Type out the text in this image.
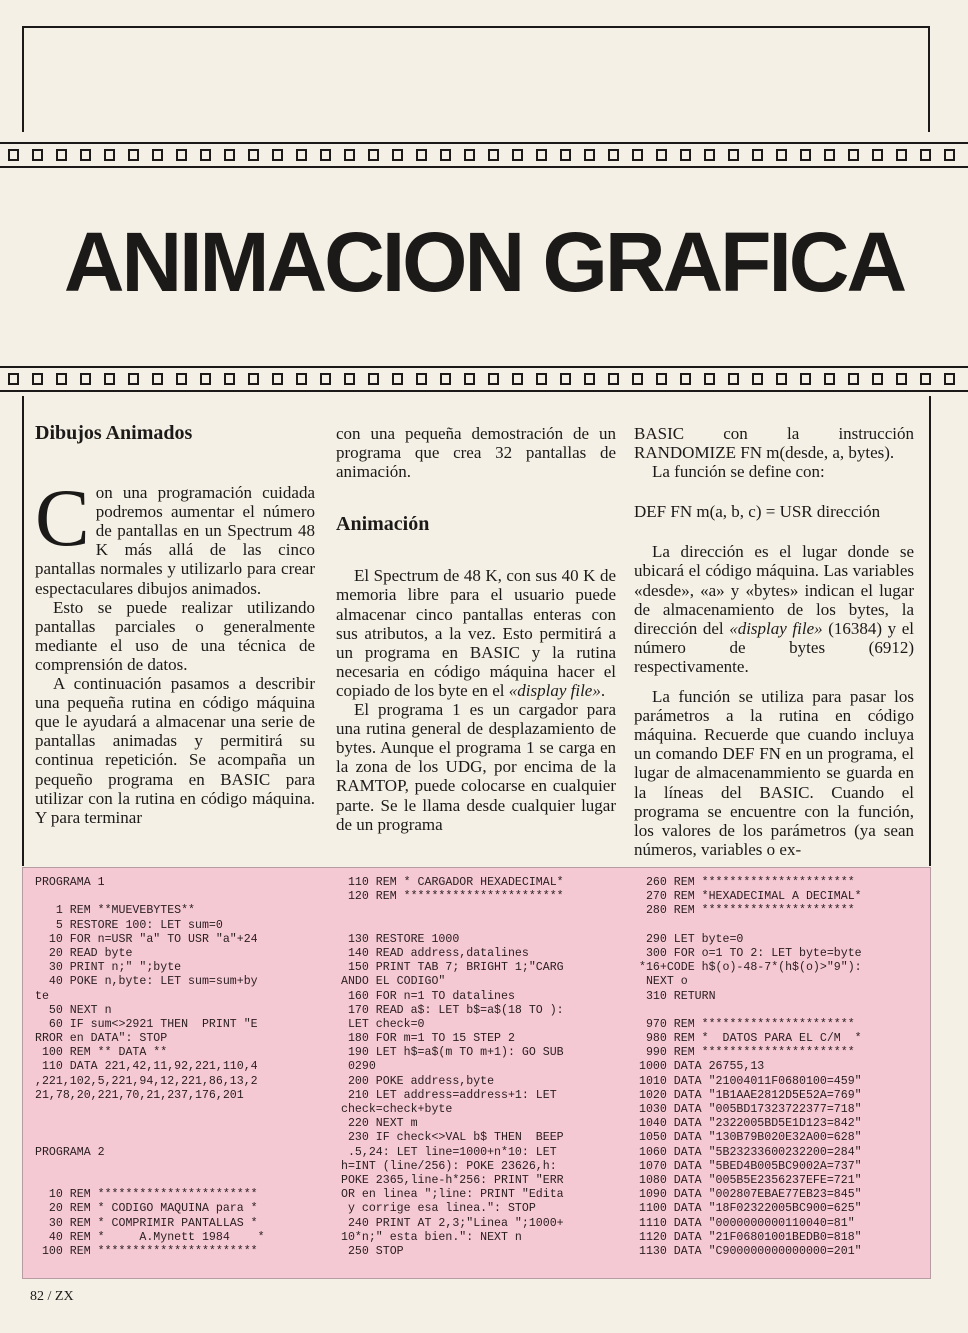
ANIMACION GRAFICA

Dibujos Animados

Con una programación cuidada podremos aumentar el número de pantallas en un Spectrum 48 K más allá de las cinco pantallas normales y utilizarlo para crear espectaculares dibujos animados.

Esto se puede realizar utilizando pantallas parciales o generalmente mediante el uso de una técnica de comprensión de datos.

A continuación pasamos a describir una pequeña rutina en código máquina que le ayudará a almacenar una serie de pantallas animadas y permitirá su continua repetición. Se acompaña un pequeño programa en BASIC para utilizar con la rutina en código máquina. Y para terminar

con una pequeña demostración de un programa que crea 32 pantallas de animación.

Animación

El Spectrum de 48 K, con sus 40 K de memoria libre para el usuario puede almacenar cinco pantallas enteras con sus atributos, a la vez. Esto permitirá a un programa en BASIC y la rutina necesaria en código máquina hacer el copiado de los byte en el «display file».

El programa 1 es un cargador para una rutina general de desplazamiento de bytes. Aunque el programa 1 se carga en la zona de los UDG, por encima de la RAMTOP, puede colocarse en cualquier parte. Se le llama desde cualquier lugar de un programa

BASIC con la instrucción RANDOMIZE FN m(desde, a, bytes).

La función se define con:

DEF FN m(a, b, c) = USR dirección

La dirección es el lugar donde se ubicará el código máquina. Las variables «desde», «a» y «bytes» indican el lugar de almacenamiento de los bytes, la dirección del «display file» (16384) y el número de bytes (6912) respectivamente.

La función se utiliza para pasar los parámetros a la rutina en código máquina. Recuerde que cuando incluya un comando DEF FN en un programa, el lugar de almacenammiento se guarda en la líneas del BASIC. Cuando el programa se encuentre con la función, los valores de los parámetros (ya sean números, variables o ex-

PROGRAMA 1
1 REM **MUEVEBYTES**
5 RESTORE 100: LET sum=0
10 FOR n=USR "a" TO USR "a"+24
20 READ byte
30 PRINT n;" ";byte
40 POKE n,byte: LET sum=sum+by
te
50 NEXT n
60 IF sum<>2921 THEN  PRINT "E
RROR en DATA": STOP
100 REM ** DATA **
110 DATA 221,42,11,92,221,110,4
,221,102,5,221,94,12,221,86,13,2
21,78,20,221,70,21,237,176,201
PROGRAMA 2
10 REM ***********************
20 REM * CODIGO MAQUINA para *
30 REM * COMPRIMIR PANTALLAS *
40 REM *     A.Mynett 1984    *
100 REM ***********************
110 REM * CARGADOR HEXADECIMAL*
120 REM ***********************
130 RESTORE 1000
140 READ address,datalines
150 PRINT TAB 7; BRIGHT 1;"CARG
ANDO EL CODIGO"
160 FOR n=1 TO datalines
170 READ a$: LET b$=a$(18 TO ):
LET check=0
180 FOR m=1 TO 15 STEP 2
190 LET h$=a$(m TO m+1): GO SUB
0290
200 POKE address,byte
210 LET address=address+1: LET
check=check+byte
220 NEXT m
230 IF check<>VAL b$ THEN  BEEP
.5,24: LET line=1000+n*10: LET
h=INT (line/256): POKE 23626,h:
POKE 2365,line-h*256: PRINT "ERR
OR en linea ";line: PRINT "Edita
y corrige esa linea.": STOP
240 PRINT AT 2,3;"Linea ";1000+
10*n;" esta bien.": NEXT n
250 STOP
260 REM **********************
270 REM *HEXADECIMAL A DECIMAL*
280 REM **********************
290 LET byte=0
300 FOR o=1 TO 2: LET byte=byte
*16+CODE h$(o)-48-7*(h$(o)>"9"):
NEXT o
310 RETURN
970 REM **********************
980 REM *  DATOS PARA EL C/M  *
990 REM **********************
1000 DATA 26755,13
1010 DATA "21004011F0680100=459"
1020 DATA "1B1AAE2812D5E52A=769"
1030 DATA "005BD17323722377=718"
1040 DATA "2322005BD5E1D123=842"
1050 DATA "130B79B020E32A00=628"
1060 DATA "5B23233600232200=284"
1070 DATA "5BED4B005BC9002A=737"
1080 DATA "005B5E2356237EFE=721"
1090 DATA "002807EBAE77EB23=845"
1100 DATA "18F02322005BC900=625"
1110 DATA "0000000000110040=81"
1120 DATA "21F06801001BEDB0=818"
1130 DATA "C900000000000000=201"
82 / ZX
